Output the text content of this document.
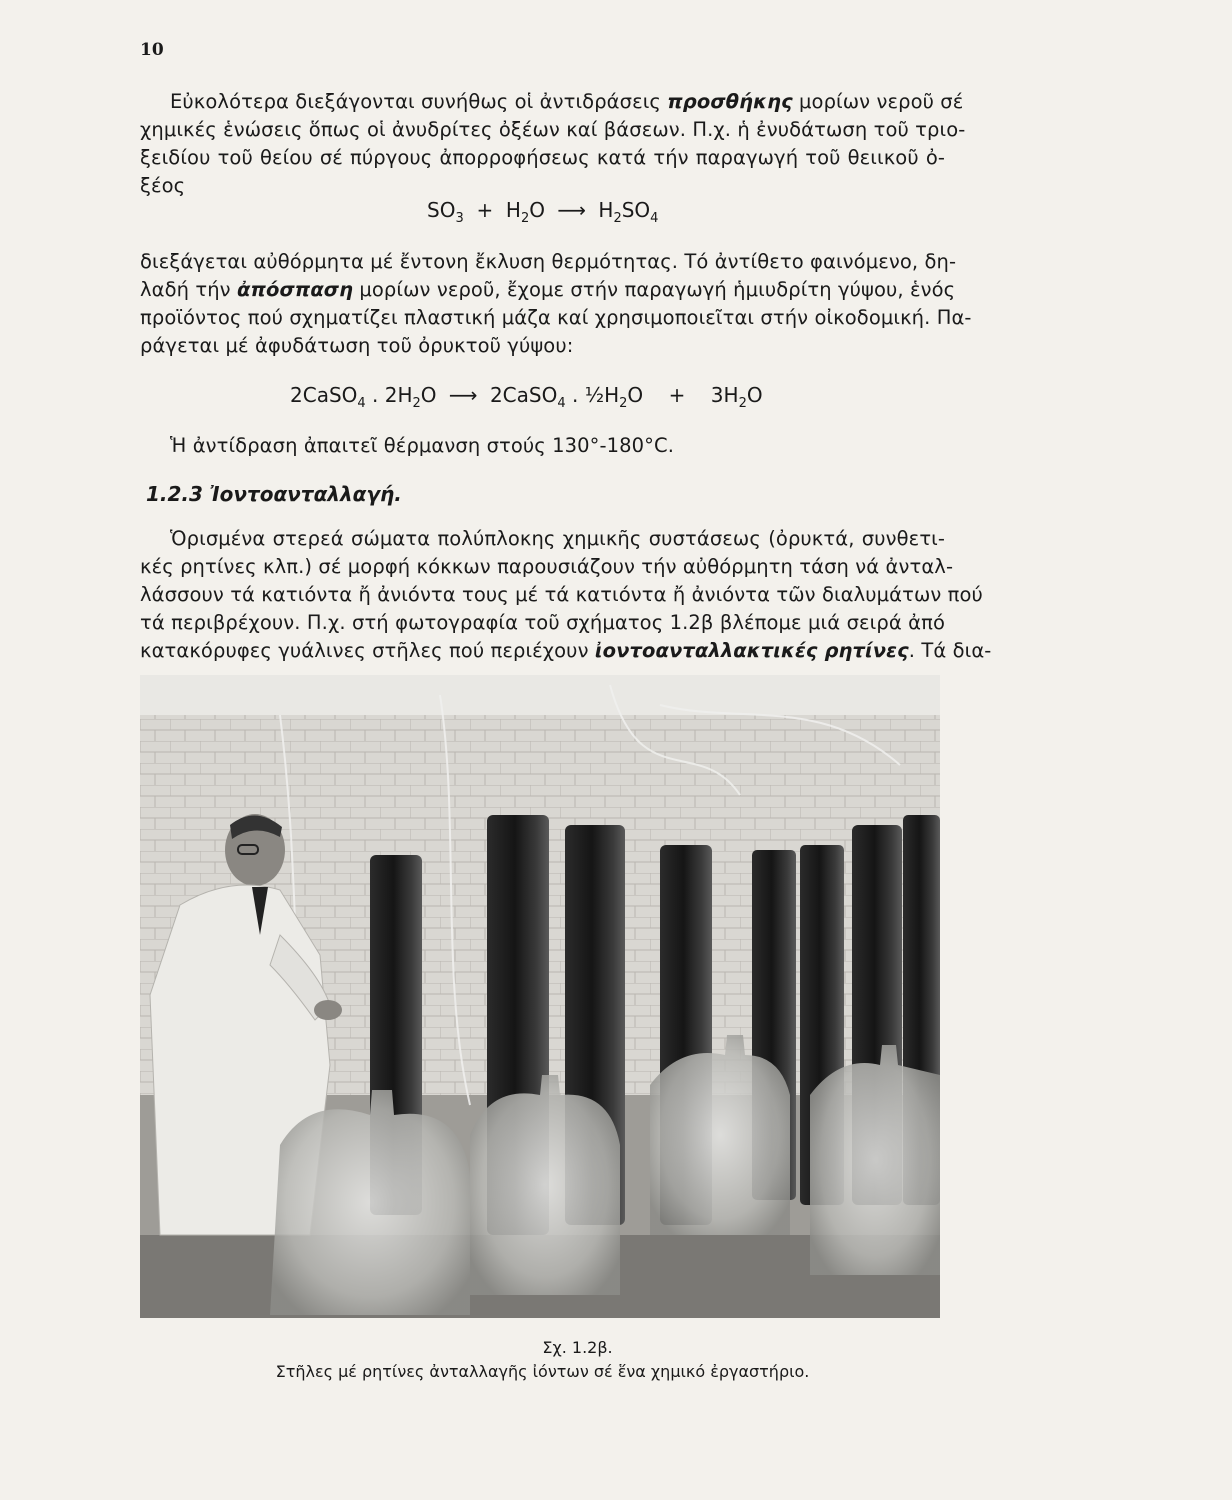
10
Εὐκολότερα διεξάγονται συνήθως οἱ ἀντιδράσεις προσθήκης μορίων νεροῦ σέ
χημικές ἑνώσεις ὅπως οἱ ἀνυδρίτες ὀξέων καί βάσεων. Π.χ. ἡ ἐνυδάτωση τοῦ τριο-
ξειδίου τοῦ θείου σέ πύργους ἀπορροφήσεως κατά τήν παραγωγή τοῦ θειικοῦ ὀ-
ξέος
$SO_3 + H_2O$ ⟶ $H_2SO_4$
διεξάγεται αὐθόρμητα μέ ἔντονη ἔκλυση θερμότητας. Τό ἀντίθετο φαινόμενο, δη-
λαδή τήν ἀπόσπαση μορίων νεροῦ, ἔχομε στήν παραγωγή ἡμιυδρίτη γύψου, ἑνός
προϊόντος πού σχηματίζει πλαστική μάζα καί χρησιμοποιεῖται στήν οἰκοδομική. Πα-
ράγεται μέ ἀφυδάτωση τοῦ ὀρυκτοῦ γύψου:
2CaSO$_4$ . $2H_2O$ ⟶ 2CaSO$_4$ . $\frac{1}{2}H_2O + 3H_2O$
Ἡ ἀντίδραση ἀπαιτεῖ θέρμανση στούς 130°-180°C.
1.2.3 Ἰοντοανταλλαγή.
Ὁρισμένα στερεά σώματα πολύπλοκης χημικῆς συστάσεως (ὀρυκτά, συνθετι-
κές ρητίνες κλπ.) σέ μορφή κόκκων παρουσιάζουν τήν αὐθόρμητη τάση νά ἀνταλ-
λάσσουν τά κατιόντα ἤ ἀνιόντα τους μέ τά κατιόντα ἤ ἀνιόντα τῶν διαλυμάτων πού
τά περιβρέχουν. Π.χ. στή φωτογραφία τοῦ σχήματος 1.2β βλέπομε μιά σειρά ἀπό
κατακόρυφες γυάλινες στῆλες πού περιέχουν ἰοντοανταλλακτικές ρητίνες. Τά δια-
Σχ. 1.2β.
Στῆλες μέ ρητίνες ἀνταλλαγῆς ἰόντων σέ ἕνα χημικό ἐργαστήριο.
